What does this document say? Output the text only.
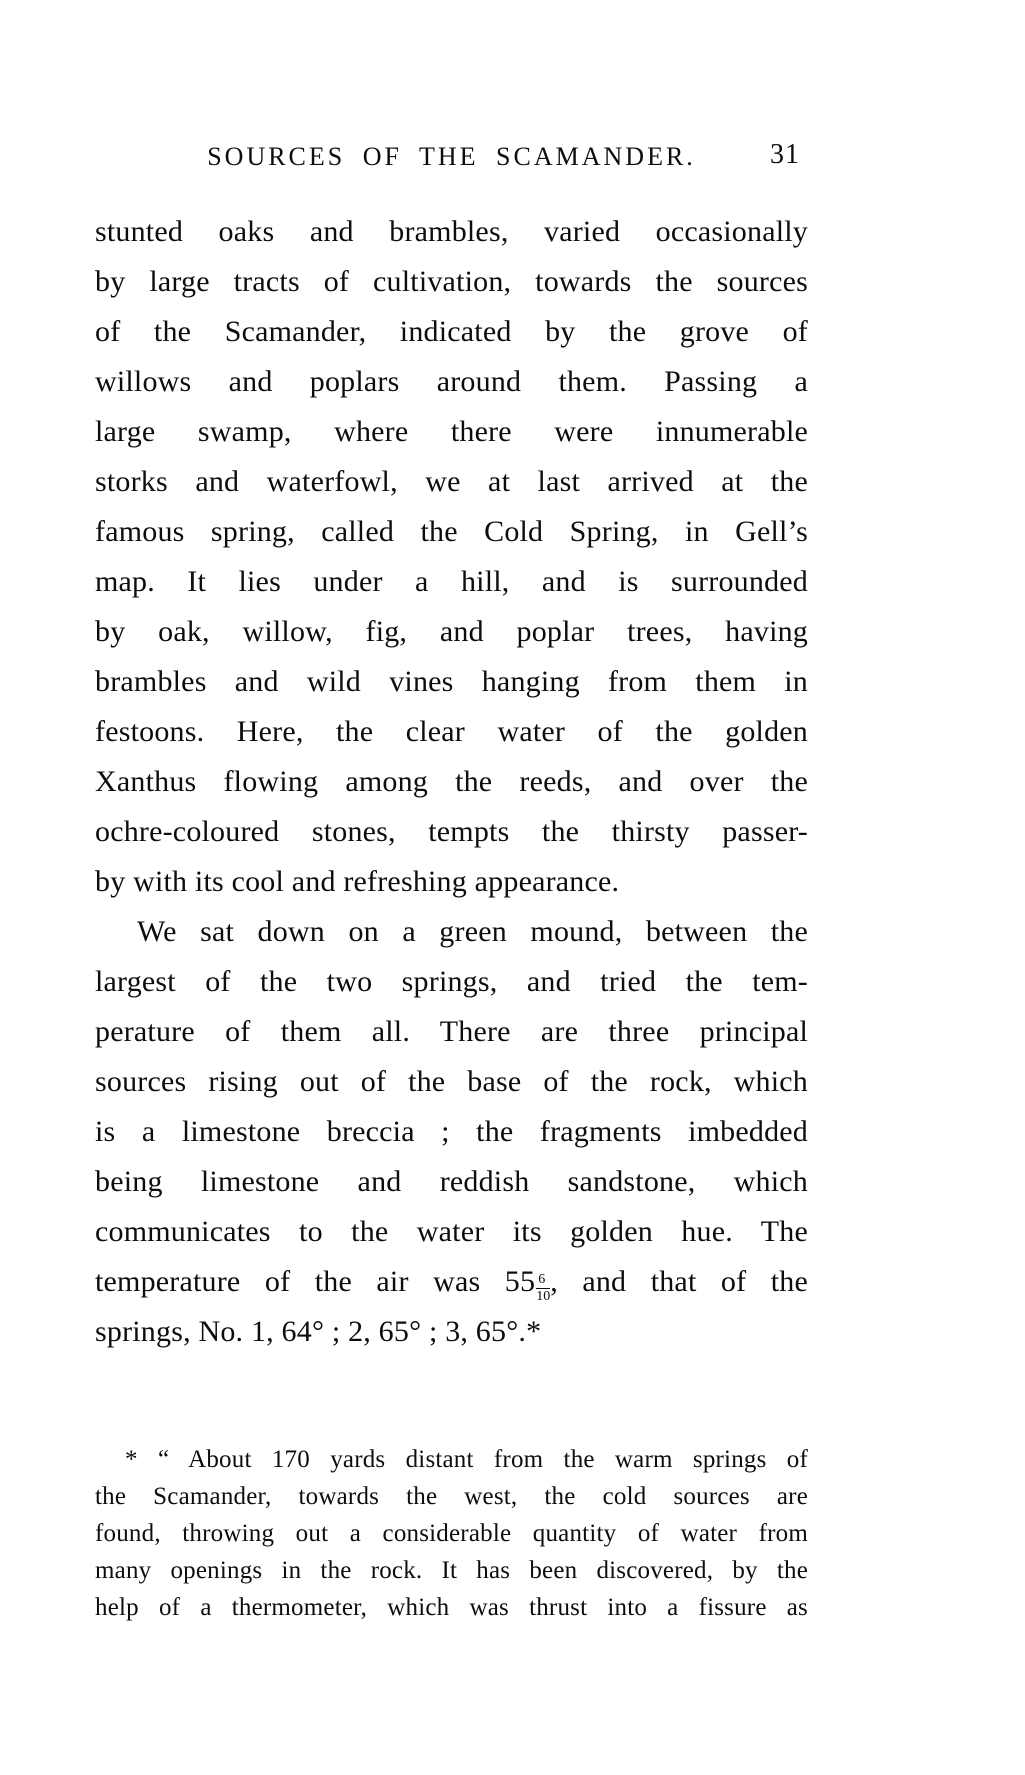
SOURCES OF THE SCAMANDER.	31
stunted oaks and brambles, varied occasionally
by large tracts of cultivation, towards the sources
of the Scamander, indicated by the grove of
willows and poplars around them. Passing a
large swamp, where there were innumerable
storks and waterfowl, we at last arrived at the
famous spring, called the Cold Spring, in Gell’s
map. It lies under a hill, and is surrounded
by oak, willow, fig, and poplar trees, having
brambles and wild vines hanging from them in
festoons. Here, the clear water of the golden
Xanthus flowing among the reeds, and over the
ochre-coloured stones, tempts the thirsty passer-
by with its cool and refreshing appearance.
We sat down on a green mound, between the
largest of the two springs, and tried the tem-
perature of them all. There are three principal
sources rising out of the base of the rock, which
is a limestone breccia ; the fragments imbedded
being limestone and reddish sandstone, which
communicates to the water its golden hue. The
temperature of the air was $55 \frac{6}{10}$ , and that of the
springs, No. 1, 64° ; 2, 65° ; 3, 65°.*
* “ About 170 yards distant from the warm springs of
the Scamander, towards the west, the cold sources are
found, throwing out a considerable quantity of water from
many openings in the rock. It has been discovered, by the
help of a thermometer, which was thrust into a fissure as
